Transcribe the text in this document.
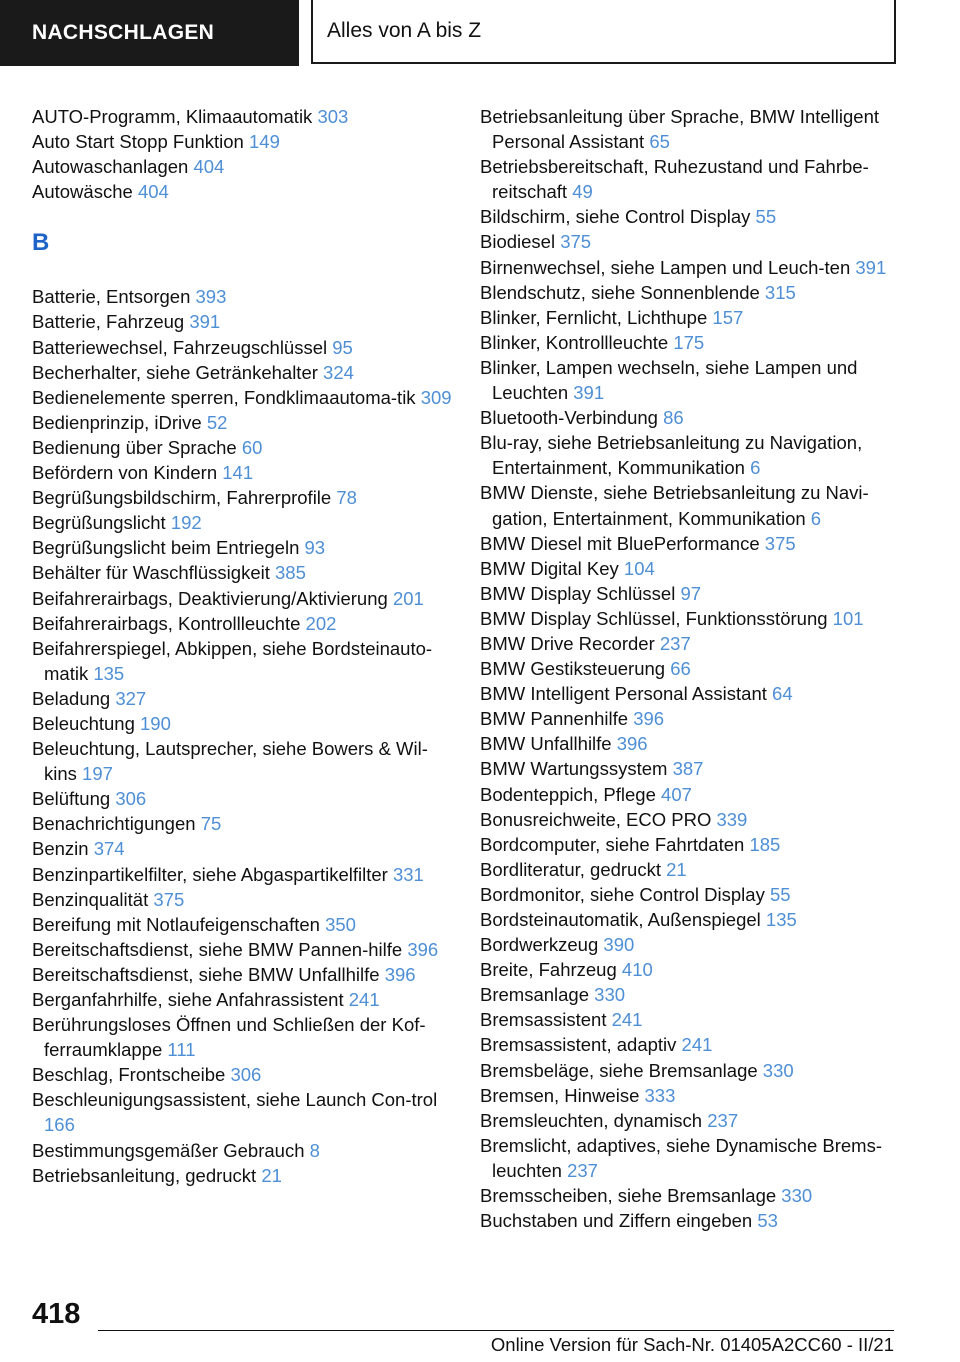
NACHSCHLAGEN	Alles von A bis Z
AUTO-Programm, Klimaautomatik 303
Auto Start Stopp Funktion 149
Autowaschanlagen 404
Autowäsche 404
B
Batterie, Entsorgen 393
Batterie, Fahrzeug 391
Batteriewechsel, Fahrzeugschlüssel 95
Becherhalter, siehe Getränkehalter 324
Bedienelemente sperren, Fondklimaautoma-tik 309
Bedienprinzip, iDrive 52
Bedienung über Sprache 60
Befördern von Kindern 141
Begrüßungsbildschirm, Fahrerprofile 78
Begrüßungslicht 192
Begrüßungslicht beim Entriegeln 93
Behälter für Waschflüssigkeit 385
Beifahrerairbags, Deaktivierung/Aktivierung 201
Beifahrerairbags, Kontrollleuchte 202
Beifahrerspiegel, Abkippen, siehe Bordsteinauto-matik 135
Beladung 327
Beleuchtung 190
Beleuchtung, Lautsprecher, siehe Bowers & Wil-kins 197
Belüftung 306
Benachrichtigungen 75
Benzin 374
Benzinpartikelfilter, siehe Abgaspartikelfilter 331
Benzinqualität 375
Bereifung mit Notlaufeigenschaften 350
Bereitschaftsdienst, siehe BMW Pannen-hilfe 396
Bereitschaftsdienst, siehe BMW Unfallhilfe 396
Berganfahrhilfe, siehe Anfahrassistent 241
Berührungsloses Öffnen und Schließen der Kof-ferraumklappe 111
Beschlag, Frontscheibe 306
Beschleunigungsassistent, siehe Launch Con-trol 166
Bestimmungsgemäßer Gebrauch 8
Betriebsanleitung, gedruckt 21
Betriebsanleitung über Sprache, BMW Intelligent Personal Assistant 65
Betriebsbereitschaft, Ruhezustand und Fahrbe-reitschaft 49
Bildschirm, siehe Control Display 55
Biodiesel 375
Birnenwechsel, siehe Lampen und Leuch-ten 391
Blendschutz, siehe Sonnenblende 315
Blinker, Fernlicht, Lichthupe 157
Blinker, Kontrollleuchte 175
Blinker, Lampen wechseln, siehe Lampen und Leuchten 391
Bluetooth-Verbindung 86
Blu-ray, siehe Betriebsanleitung zu Navigation, Entertainment, Kommunikation 6
BMW Dienste, siehe Betriebsanleitung zu Navi-gation, Entertainment, Kommunikation 6
BMW Diesel mit BluePerformance 375
BMW Digital Key 104
BMW Display Schlüssel 97
BMW Display Schlüssel, Funktionsstörung 101
BMW Drive Recorder 237
BMW Gestiksteuerung 66
BMW Intelligent Personal Assistant 64
BMW Pannenhilfe 396
BMW Unfallhilfe 396
BMW Wartungssystem 387
Bodenteppich, Pflege 407
Bonusreichweite, ECO PRO 339
Bordcomputer, siehe Fahrtdaten 185
Bordliteratur, gedruckt 21
Bordmonitor, siehe Control Display 55
Bordsteinautomatik, Außenspiegel 135
Bordwerkzeug 390
Breite, Fahrzeug 410
Bremsanlage 330
Bremsassistent 241
Bremsassistent, adaptiv 241
Bremsbeläge, siehe Bremsanlage 330
Bremsen, Hinweise 333
Bremsleuchten, dynamisch 237
Bremslicht, adaptives, siehe Dynamische Brems-leuchten 237
Bremsscheiben, siehe Bremsanlage 330
Buchstaben und Ziffern eingeben 53
418
Online Version für Sach-Nr. 01405A2CC60 - II/21
